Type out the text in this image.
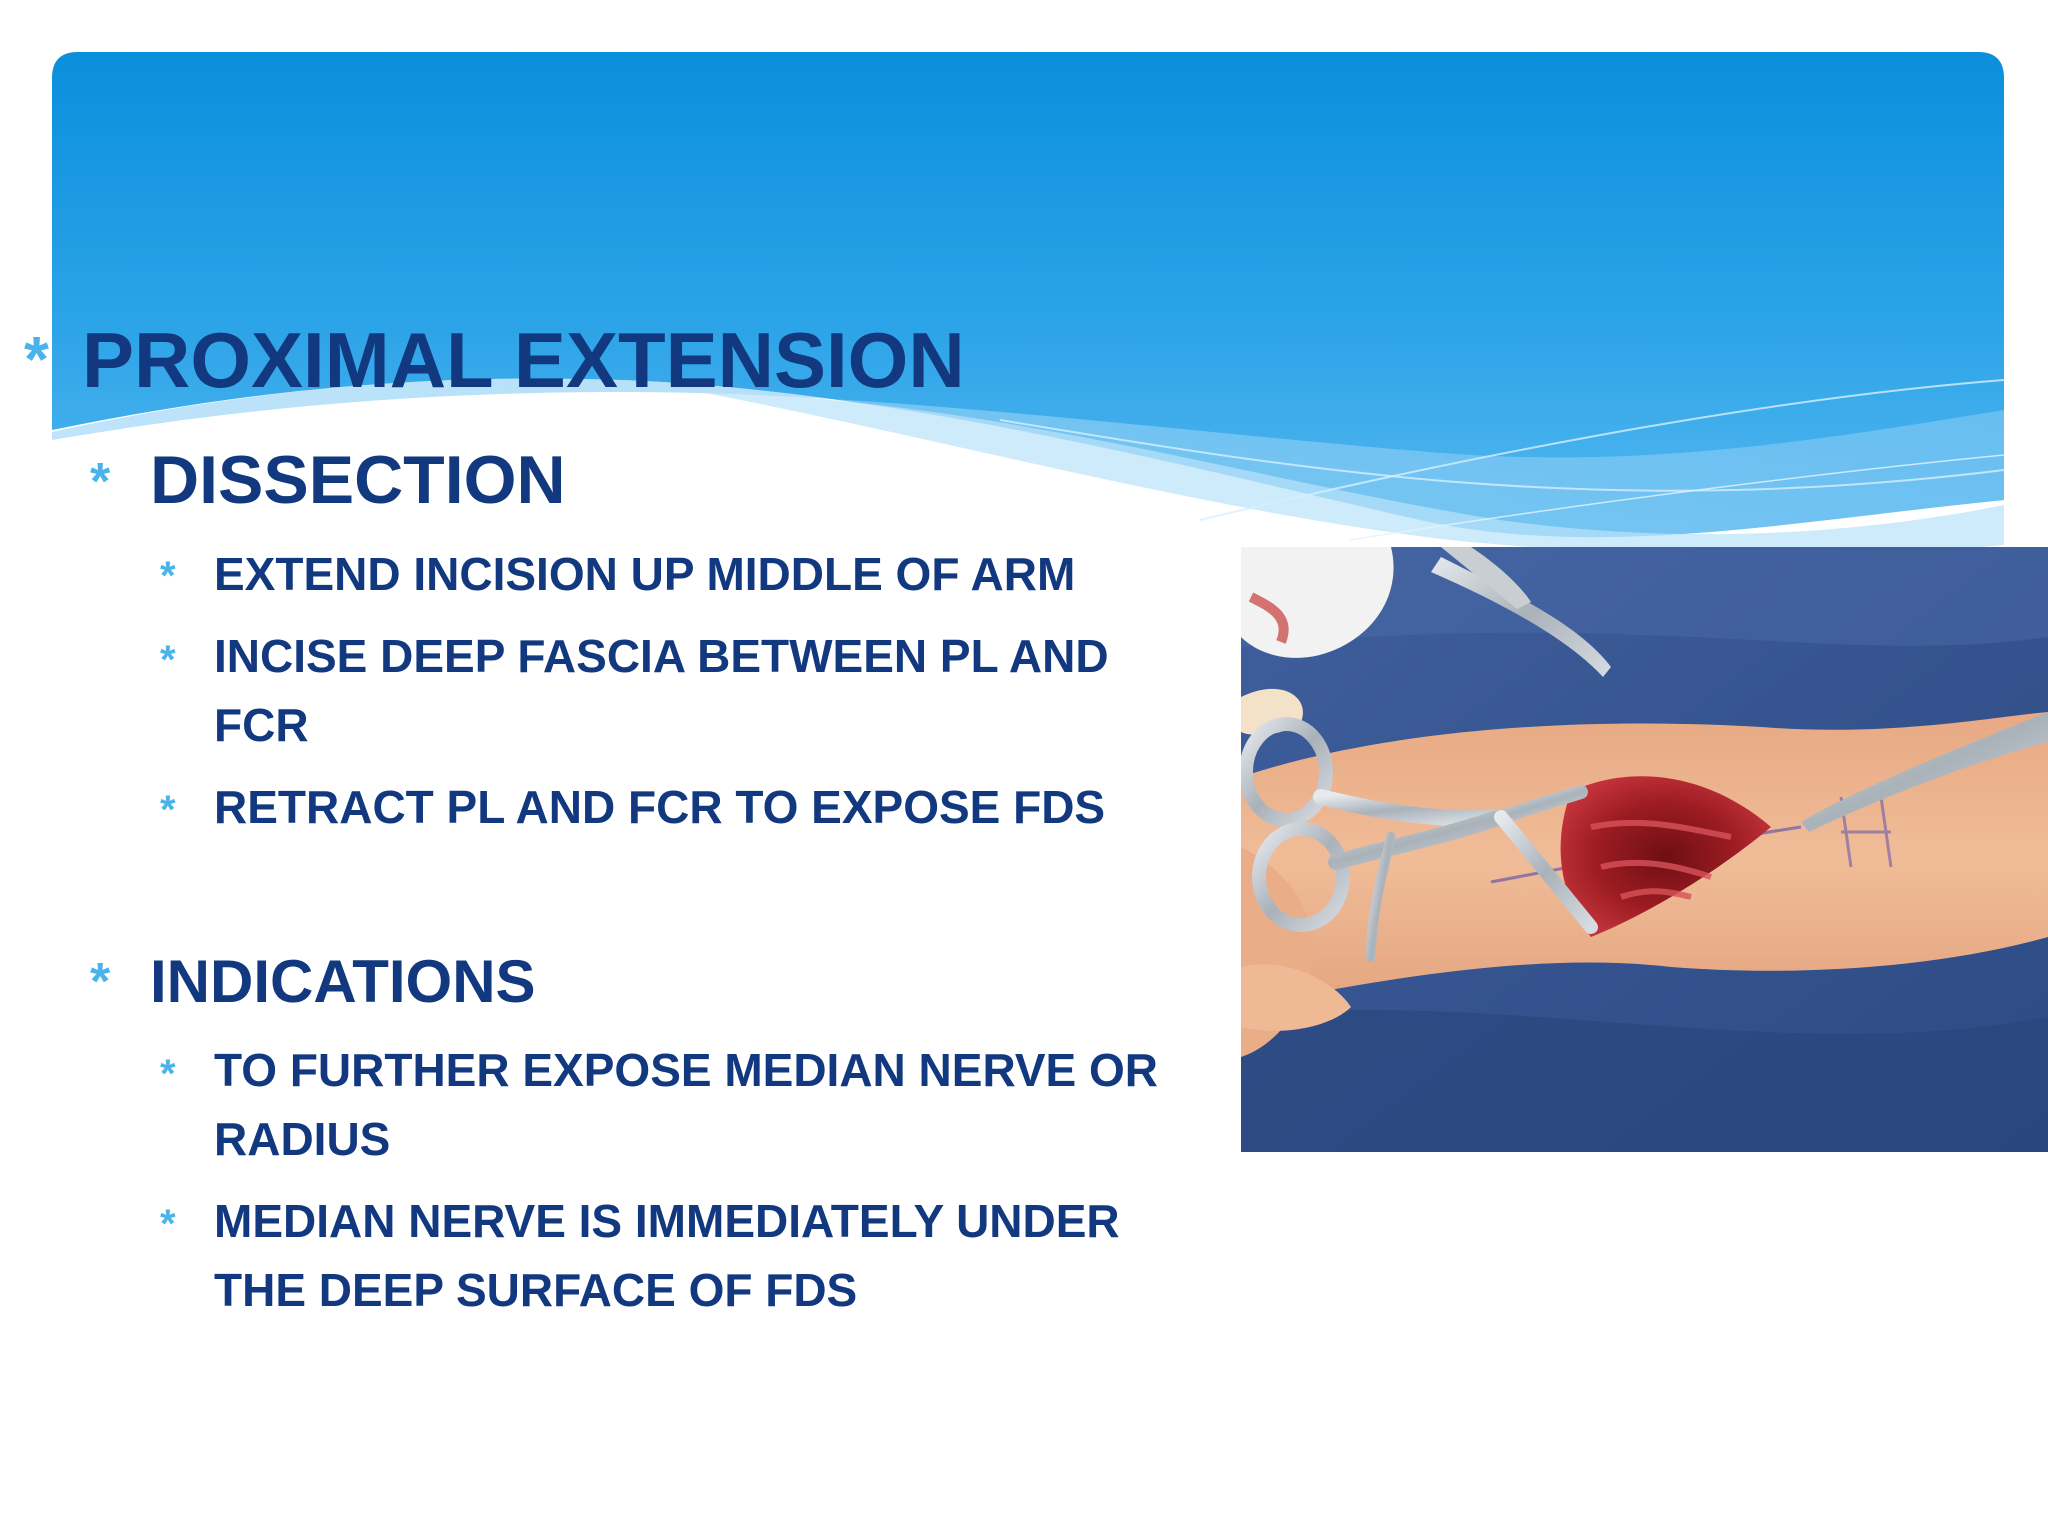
* PROXIMAL EXTENSION
* DISSECTION
* EXTEND INCISION UP MIDDLE OF ARM
* INCISE DEEP FASCIA BETWEEN PL AND FCR
* RETRACT PL AND FCR TO EXPOSE FDS
* INDICATIONS
* TO FURTHER EXPOSE MEDIAN NERVE OR RADIUS
* MEDIAN NERVE IS IMMEDIATELY UNDER THE DEEP SURFACE OF FDS
